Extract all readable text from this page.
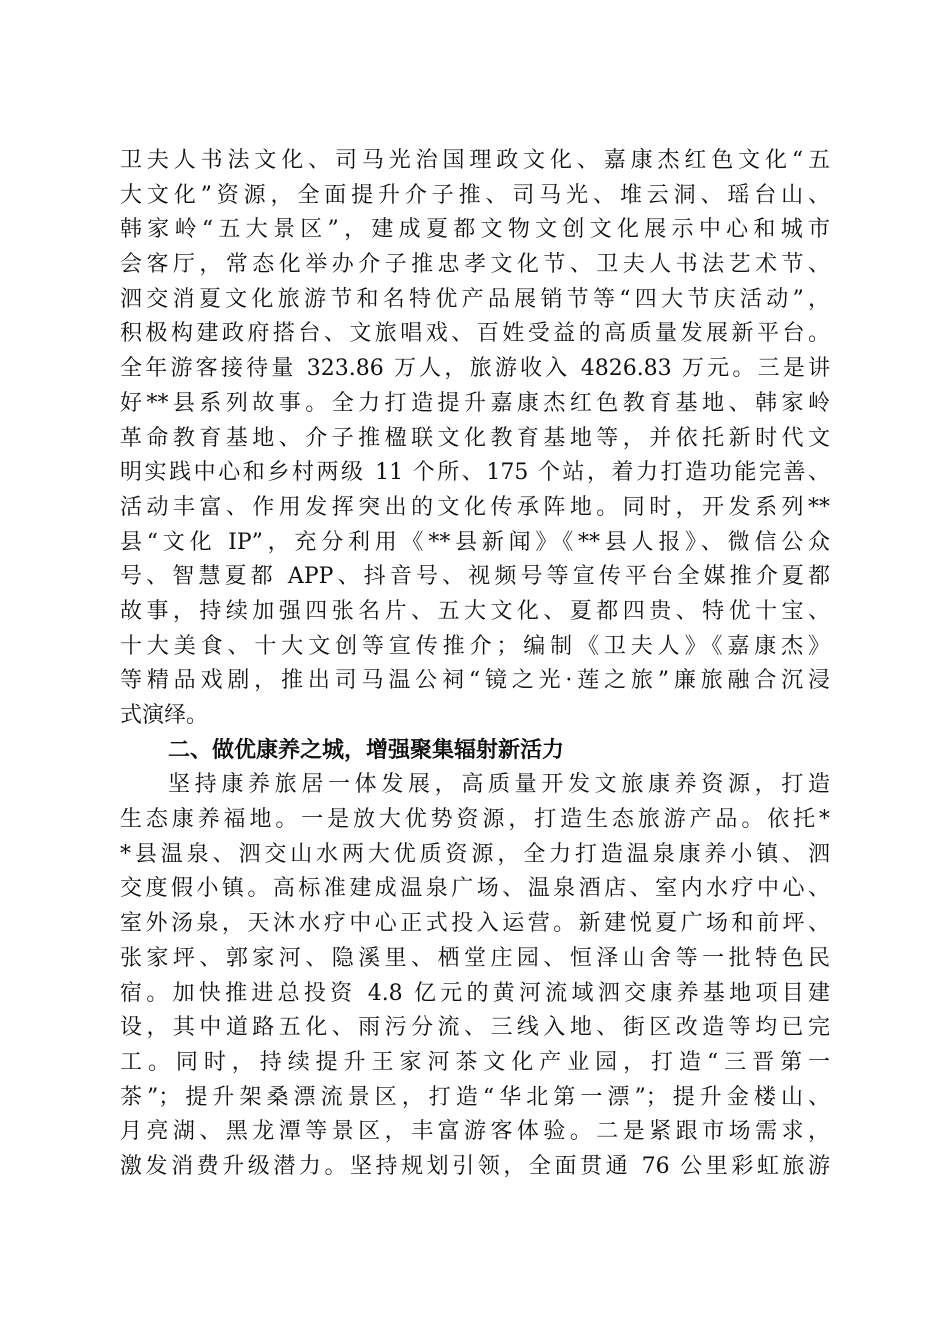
卫夫人书法文化、司马光治国理政文化、嘉康杰红色文化“五
大文化”资源，全面提升介子推、司马光、堆云洞、瑶台山、
韩家岭“五大景区”，建成夏都文物文创文化展示中心和城市
会客厅，常态化举办介子推忠孝文化节、卫夫人书法艺术节、
泗交消夏文化旅游节和名特优产品展销节等“四大节庆活动”，
积极构建政府搭台、文旅唱戏、百姓受益的高质量发展新平台。
全年游客接待量 323.86 万人，旅游收入 4826.83 万元。三是讲
好**县系列故事。全力打造提升嘉康杰红色教育基地、韩家岭
革命教育基地、介子推楹联文化教育基地等，并依托新时代文
明实践中心和乡村两级 11 个所、175 个站，着力打造功能完善、
活动丰富、作用发挥突出的文化传承阵地。同时，开发系列**
县“文化 IP”，充分利用《**县新闻》《**县人报》、微信公众
号、智慧夏都 APP、抖音号、视频号等宣传平台全媒推介夏都
故事，持续加强四张名片、五大文化、夏都四贵、特优十宝、
十大美食、十大文创等宣传推介；编制《卫夫人》《嘉康杰》
等精品戏剧，推出司马温公祠“镜之光·莲之旅”廉旅融合沉浸
式演绎。
二、做优康养之城，增强聚集辐射新活力
坚持康养旅居一体发展，高质量开发文旅康养资源，打造
生态康养福地。一是放大优势资源，打造生态旅游产品。依托*
*县温泉、泗交山水两大优质资源，全力打造温泉康养小镇、泗
交度假小镇。高标准建成温泉广场、温泉酒店、室内水疗中心、
室外汤泉，天沐水疗中心正式投入运营。新建悦夏广场和前坪、
张家坪、郭家河、隐溪里、栖堂庄园、恒泽山舍等一批特色民
宿。加快推进总投资 4.8 亿元的黄河流域泗交康养基地项目建
设，其中道路五化、雨污分流、三线入地、街区改造等均已完
工。同时，持续提升王家河茶文化产业园，打造“三晋第一
茶”；提升架桑漂流景区，打造“华北第一漂”；提升金楼山、
月亮湖、黑龙潭等景区，丰富游客体验。二是紧跟市场需求，
激发消费升级潜力。坚持规划引领，全面贯通 76 公里彩虹旅游
